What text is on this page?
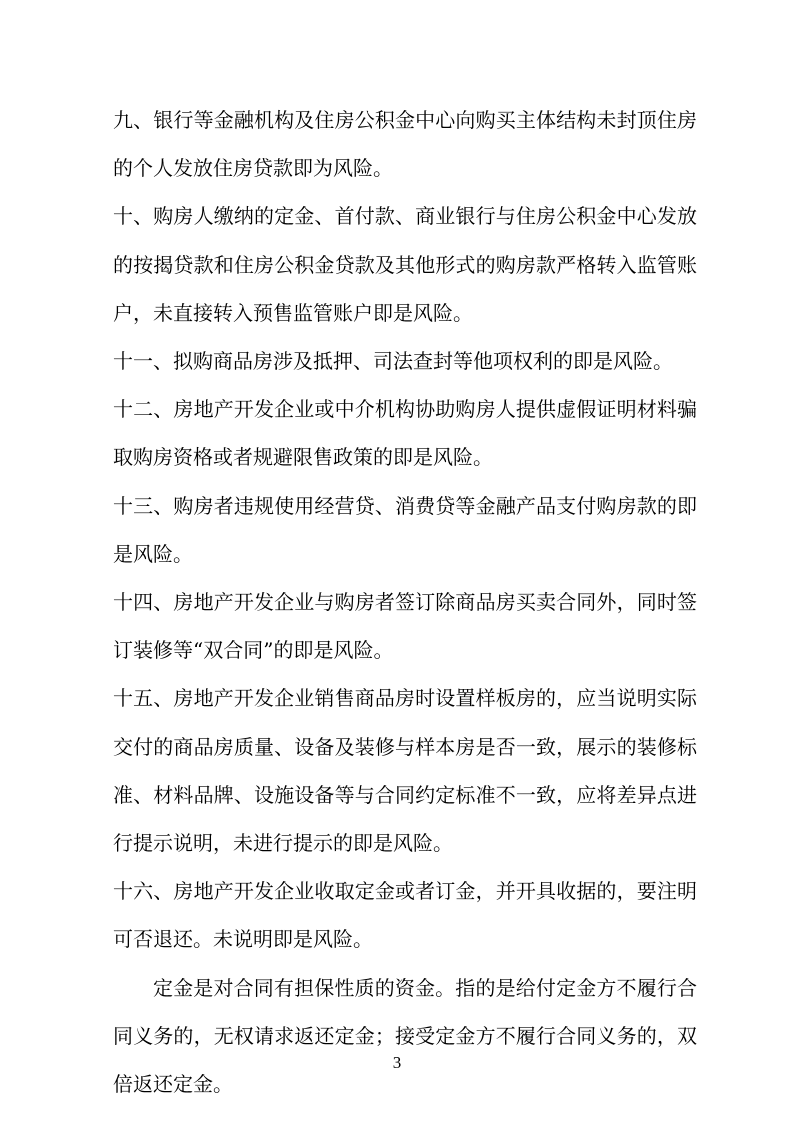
九、银行等金融机构及住房公积金中心向购买主体结构未封顶住房的个人发放住房贷款即为风险。

十、购房人缴纳的定金、首付款、商业银行与住房公积金中心发放的按揭贷款和住房公积金贷款及其他形式的购房款严格转入监管账户，未直接转入预售监管账户即是风险。

十一、拟购商品房涉及抵押、司法查封等他项权利的即是风险。

十二、房地产开发企业或中介机构协助购房人提供虚假证明材料骗取购房资格或者规避限售政策的即是风险。

十三、购房者违规使用经营贷、消费贷等金融产品支付购房款的即是风险。

十四、房地产开发企业与购房者签订除商品房买卖合同外，同时签订装修等“双合同”的即是风险。

十五、房地产开发企业销售商品房时设置样板房的，应当说明实际交付的商品房质量、设备及装修与样本房是否一致，展示的装修标准、材料品牌、设施设备等与合同约定标准不一致，应将差异点进行提示说明，未进行提示的即是风险。

十六、房地产开发企业收取定金或者订金，并开具收据的，要注明可否退还。未说明即是风险。

定金是对合同有担保性质的资金。指的是给付定金方不履行合同义务的，无权请求返还定金；接受定金方不履行合同义务的，双倍返还定金。

3
